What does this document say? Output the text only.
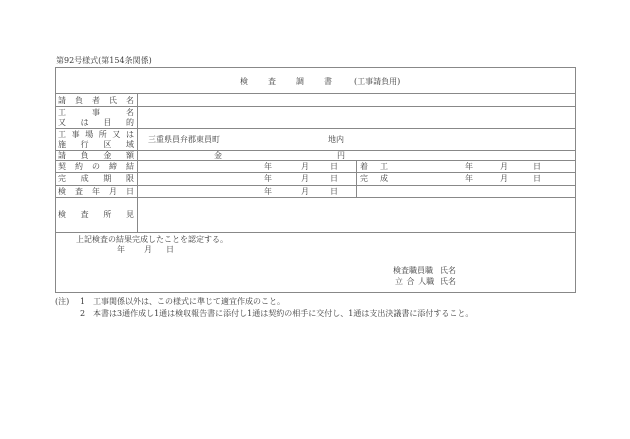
第92号様式(第154条関係)
検	査	調	書	(工事請負用)
請 負 者 氏 名
工	事	名
又 は 目 的
工 事 場 所 又 は
施 行 区 域
三重県員弁郡東員町	地内
請 負 金 額	金	円
契 約 の 締 結	年	月	日	着 工	年	月	日
完 成 期 限	年	月	日	完 成	年	月	日
検 査 年 月 日	年	月	日
検 査 所 見
上記検査の結果完成したことを認定する。
年 月 日
検査職員職 氏名
立 合 人職 氏名
(注) 1 工事関係以外は、この様式に準じて適宜作成のこと。
2 本書は3通作成し1通は検収報告書に添付し1通は契約の相手に交付し、1通は支出決議書に添付すること。
